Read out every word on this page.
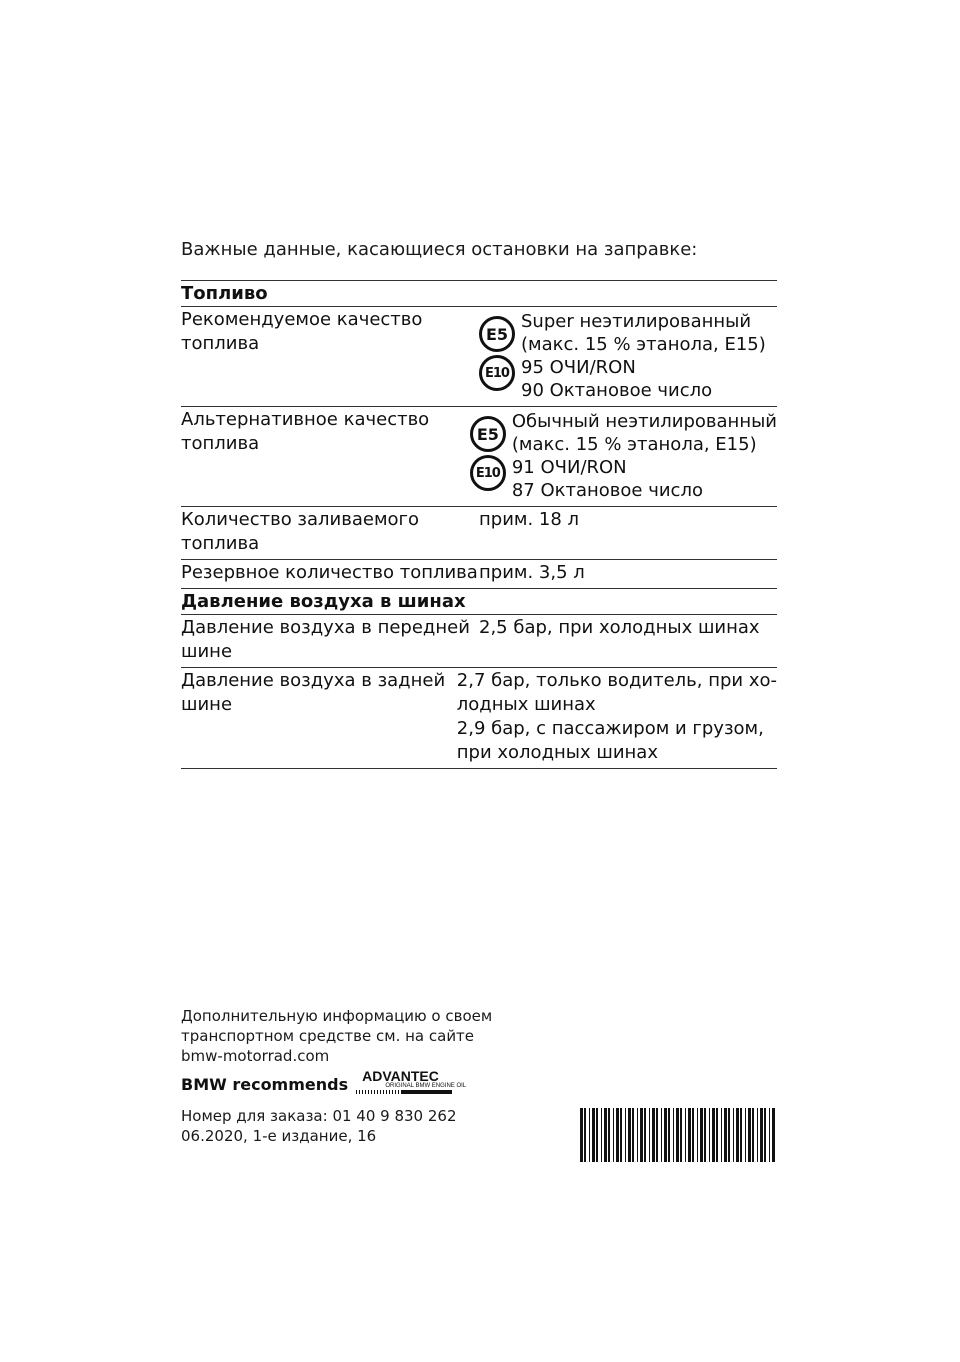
Важные данные, касающиеся остановки на заправке:
Топливо
Рекомендуемое качество топлива	E5
E10
Super неэтилированный
(макс. 15 % этанола, E15)
95 ОЧИ/RON
90 Октановое число
Альтернативное качество топлива	E5
E10
Обычный неэтилированный
(макс. 15 % этанола, E15)
91 ОЧИ/RON
87 Октановое число
Количество заливаемого топлива
прим. 18 л
Резервное количество топлива прим. 3,5 л
Давление воздуха в шинах
Давление воздуха в передней
шине
2,5 бар, при холодных шинах
Давление воздуха в задней шине
2,7 бар, только водитель, при хо-
лодных шинах
2,9 бар, с пассажиром и грузом,
при холодных шинах
Дополнительную информацию о своем
транспортном средстве см. на сайте
bmw-motorrad.com
BMW recommends ADVANTEC
ORIGINAL BMW ENGINE OIL
Номер для заказа: 01 40 9 830 262
06.2020, 1-е издание, 16
